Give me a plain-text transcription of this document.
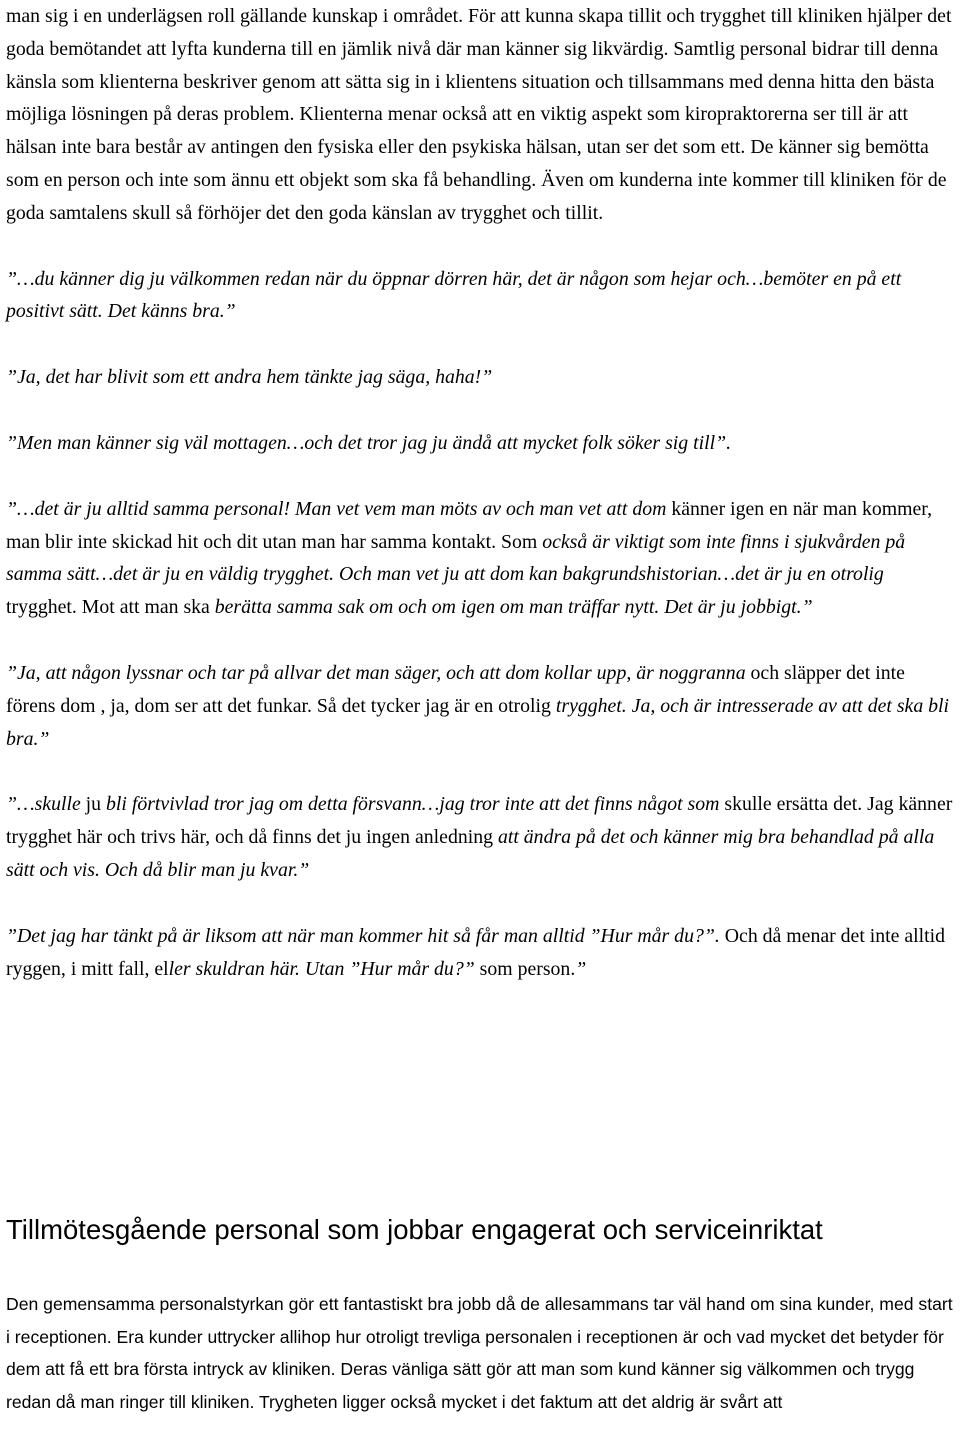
man sig i en underlägsen roll gällande kunskap i området. För att kunna skapa tillit och trygghet till kliniken hjälper det goda bemötandet att lyfta kunderna till en jämlik nivå där man känner sig likvärdig. Samtlig personal bidrar till denna känsla som klienterna beskriver genom att sätta sig in i klientens situation och tillsammans med denna hitta den bästa möjliga lösningen på deras problem. Klienterna menar också att en viktig aspekt som kiropraktorerna ser till är att hälsan inte bara består av antingen den fysiska eller den psykiska hälsan, utan ser det som ett. De känner sig bemötta som en person och inte som ännu ett objekt som ska få behandling. Även om kunderna inte kommer till kliniken för de goda samtalens skull så förhöjer det den goda känslan av trygghet och tillit.

”…du känner dig ju välkommen redan när du öppnar dörren här, det är någon som hejar och…bemöter en på ett positivt sätt. Det känns bra.”

”Ja, det har blivit som ett andra hem tänkte jag säga, haha!”

”Men man känner sig väl mottagen…och det tror jag ju ändå att mycket folk söker sig till”.

”…det är ju alltid samma personal! Man vet vem man möts av och man vet att dom känner igen en när man kommer, man blir inte skickad hit och dit utan man har samma kontakt. Som också är viktigt som inte finns i sjukvården på samma sätt…det är ju en väldig trygghet. Och man vet ju att dom kan bakgrundshistorian…det är ju en otrolig trygghet. Mot att man ska berätta samma sak om och om igen om man träffar nytt. Det är ju jobbigt.”

”Ja, att någon lyssnar och tar på allvar det man säger, och att dom kollar upp, är noggranna och släpper det inte förens dom , ja, dom ser att det funkar. Så det tycker jag är en otrolig trygghet. Ja, och är intresserade av att det ska bli bra.”

”…skulle ju bli förtvivlad tror jag om detta försvann…jag tror inte att det finns något som skulle ersätta det. Jag känner trygghet här och trivs här, och då finns det ju ingen anledning att ändra på det och känner mig bra behandlad på alla sätt och vis. Och då blir man ju kvar.”

”Det jag har tänkt på är liksom att när man kommer hit så får man alltid ”Hur mår du?”. Och då menar det inte alltid ryggen, i mitt fall, eller skuldran här. Utan ”Hur mår du?” som person.”

Tillmötesgående personal som jobbar engagerat och serviceinriktat

Den gemensamma personalstyrkan gör ett fantastiskt bra jobb då de allesammans tar väl hand om sina kunder, med start i receptionen. Era kunder uttrycker allihop hur otroligt trevliga personalen i receptionen är och vad mycket det betyder för dem att få ett bra första intryck av kliniken. Deras vänliga sätt gör att man som kund känner sig välkommen och trygg redan då man ringer till kliniken. Trygheten ligger också mycket i det faktum att det aldrig är svårt att
